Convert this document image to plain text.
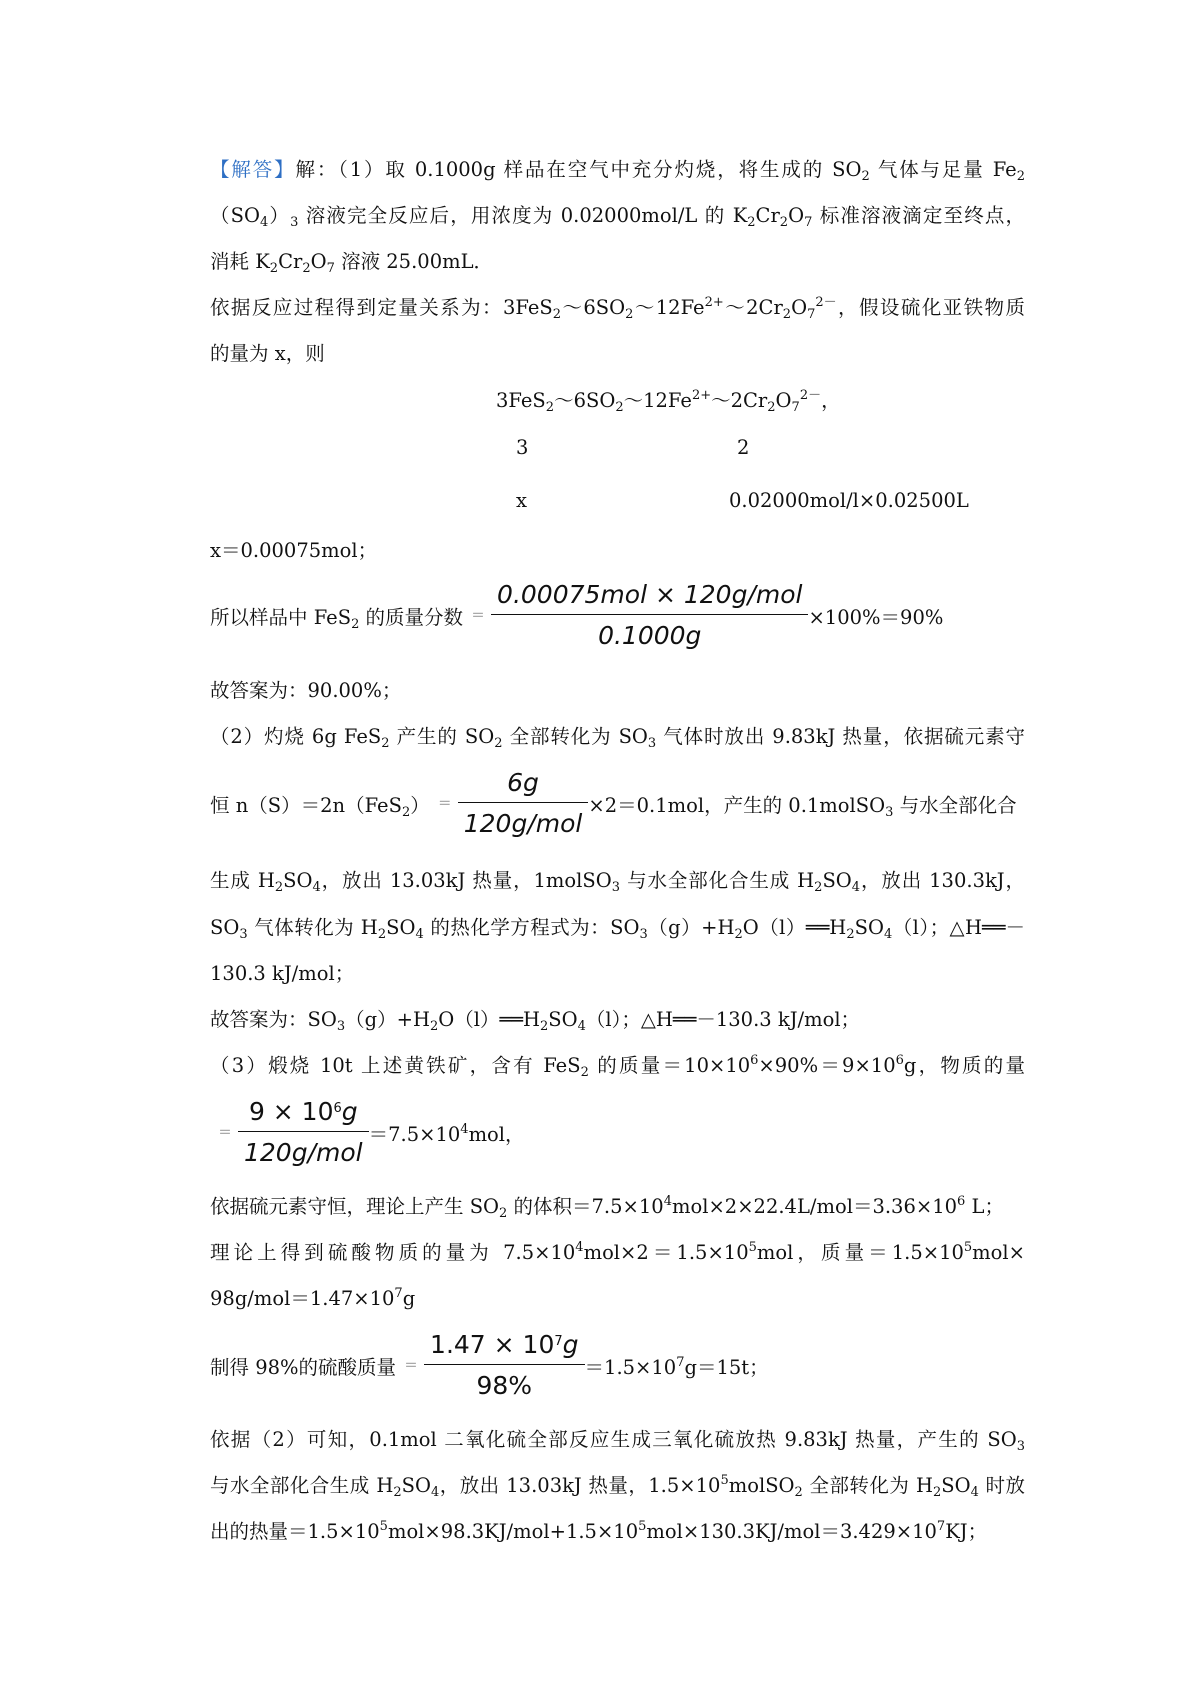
【解答】解：（1）取 0.1000g 样品在空气中充分灼烧，将生成的 $SO_2$ 气体与足量 $Fe_2$
$(SO_4)_3$ 溶液完全反应后，用浓度为 0.02000mol/L 的 $K_2Cr_2O_7$ 标准溶液滴定至终点，
消耗 $K_2Cr_2O_7$ 溶液 25.00mL．
依据反应过程得到定量关系为：$3FeS_2\sim 6SO_2\sim 12Fe^{2+}\sim 2Cr_2O_7^{2-}$，假设硫化亚铁物质
的量为 x，则
$3FeS_2\sim 6SO_2\sim 12Fe^{2+}\sim 2Cr_2O_7^{2-}$，
3	2
x	0.02000mol/l×0.02500L
x＝0.00075mol；
所以样品中 FeS$_2$ 的质量分数 ＝ $\frac{\text{0.00075mol × 120g/mol}}{0.1000g} \times 100\%=90\%$
故答案为：90.00%；
（2）灼烧 6g FeS$_2$ 产生的 $SO_2$ 全部转化为 $SO_3$ 气体时放出 9.83kJ 热量，依据硫元素守
恒 $n(S)=2n(FeS_2) = \frac{6g}{\text{120g/mol}} \times 2=0.1mol$，产生的 0.1molSO$_3$ 与水全部化合
生成 $H_2SO_4$，放出 13.03kJ 热量，1molSO$_3$ 与水全部化合生成 $H_2SO_4$，放出 130.3kJ，
$SO_3$ 气体转化为 $H_2SO_4$ 的热化学方程式为：$SO_3(g)+H_2O(l)══H_2SO_4(l)$；△H══－
130.3 kJ/mol；
故答案为：$SO_3(g)+H_2O(l)══H_2SO_4(l)$；△H══－130.3 kJ/mol；
（3）煅烧 10t 上述黄铁矿，含有 FeS$_2$ 的质量$=10\times 10^6\times 90\%=9\times 10^6g$，物质的量
＝ $\frac{9 \times 10^6g}{\text{120g/mol}} =7.5\times 10^4mol$，
依据硫元素守恒，理论上产生 $SO_2$ 的体积$=7.5\times 10^4mol\times 2\times 22.4L/mol=3.36\times 10^6$ L；
理论上得到硫酸物质的量为 $7.5\times 10^4mol\times 2=1.5\times 10^5mol$，质量$=1.5\times 10^5mol\times$
$98g/mol=1.47\times 10^7g$
制得 98%的硫酸质量 ＝ $\frac{1.47 \times 10^7g}{98\%} =1.5\times 10^7g=15t$；
依据（2）可知，0.1mol 二氧化硫全部反应生成三氧化硫放热 9.83kJ 热量，产生的 $SO_3$
与水全部化合生成 $H_2SO_4$，放出 13.03kJ 热量，$1.5\times 10^5molSO_2$ 全部转化为 $H_2SO_4$ 时放
出的热量$=1.5\times 10^5mol\times 98.3KJ/mol+1.5\times 10^5mol\times 130.3KJ/mol=3.429\times 10^7KJ$；
